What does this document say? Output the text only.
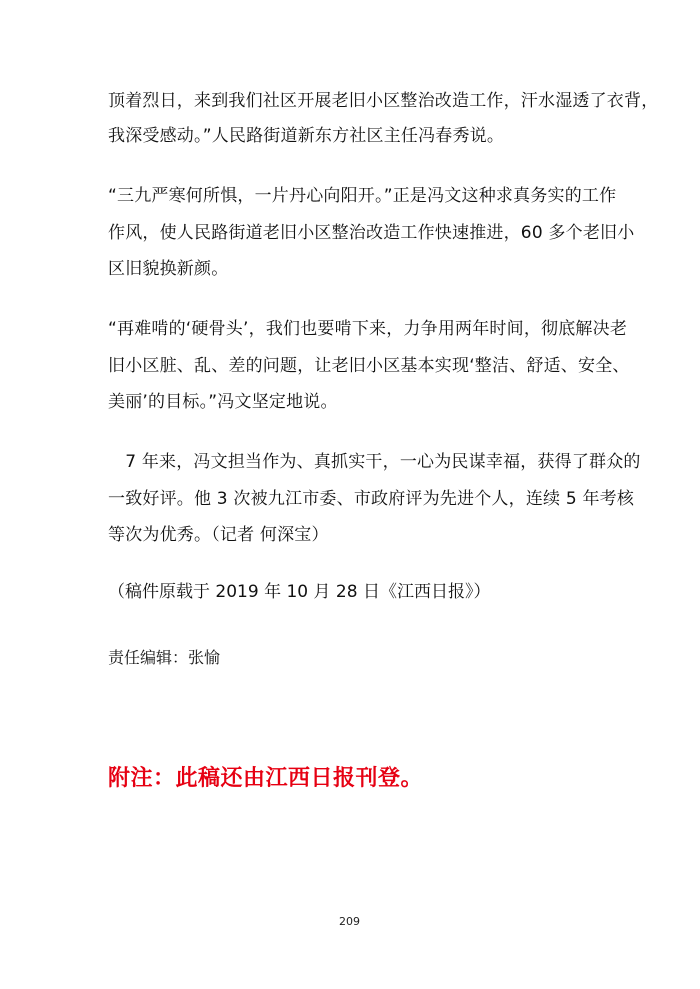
顶着烈日，来到我们社区开展老旧小区整治改造工作，汗水湿透了衣背，
我深受感动。”人民路街道新东方社区主任冯春秀说。
“三九严寒何所惧，一片丹心向阳开。”正是冯文这种求真务实的工作
作风，使人民路街道老旧小区整治改造工作快速推进，60 多个老旧小
区旧貌换新颜。
“再难啃的‘硬骨头’，我们也要啃下来，力争用两年时间，彻底解决老
旧小区脏、乱、差的问题，让老旧小区基本实现‘整洁、舒适、安全、
美丽’的目标。”冯文坚定地说。
　7 年来，冯文担当作为、真抓实干，一心为民谋幸福，获得了群众的
一致好评。他 3 次被九江市委、市政府评为先进个人，连续 5 年考核
等次为优秀。（记者 何深宝）
（稿件原载于 2019 年 10 月 28 日《江西日报》）
责任编辑：张愉
附注：此稿还由江西日报刊登。
209
